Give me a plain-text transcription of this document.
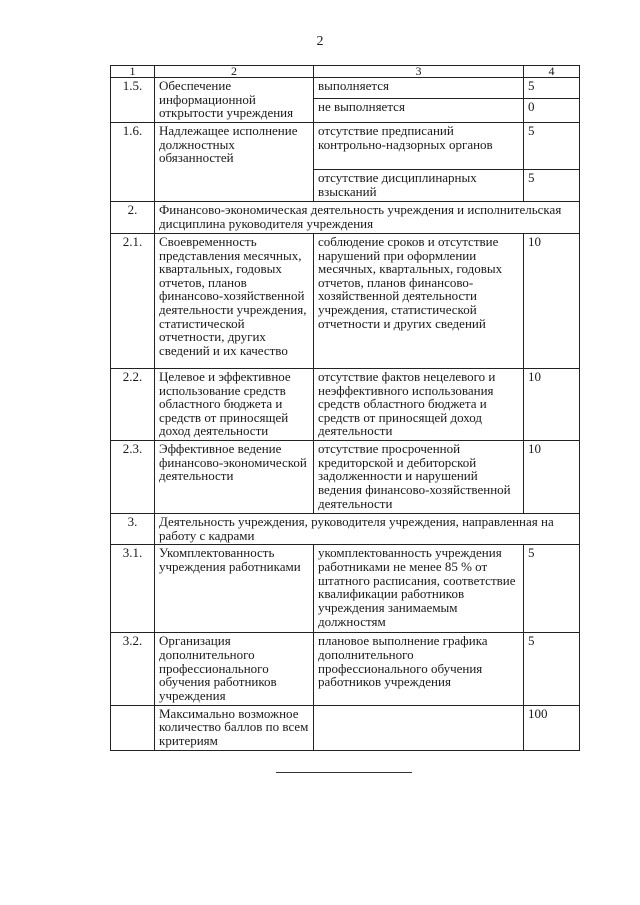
2
1	2	3	4
1.5.	Обеспечение информационной открытости учреждения	выполняется	5
		не выполняется	0
1.6.	Надлежащее исполнение должностных обязанностей	отсутствие предписаний контрольно-надзорных органов	5
		отсутствие дисциплинарных взысканий	5
2.	Финансово-экономическая деятельность учреждения и исполнительская дисциплина руководителя учреждения		
2.1.	Своевременность представления месячных, квартальных, годовых отчетов, планов финансово-хозяйственной деятельности учреждения, статистической отчетности, других сведений и их качество	соблюдение сроков и отсутствие нарушений при оформлении месячных, квартальных, годовых отчетов, планов финансово-хозяйственной деятельности учреждения, статистической отчетности и других сведений	10
2.2.	Целевое и эффективное использование средств областного бюджета и средств от приносящей доход деятельности	отсутствие фактов нецелевого и неэффективного использования средств областного бюджета и средств от приносящей доход деятельности	10
2.3.	Эффективное ведение финансово-экономической деятельности	отсутствие просроченной кредиторской и дебиторской задолженности и нарушений ведения финансово-хозяйственной деятельности	10
3.	Деятельность учреждения, руководителя учреждения, направленная на работу с кадрами		
3.1.	Укомплектованность учреждения работниками	укомплектованность учреждения работниками не менее 85 % от штатного расписания, соответствие квалификации работников учреждения занимаемым должностям	5
3.2.	Организация дополнительного профессионального обучения работников учреждения	плановое выполнение графика дополнительного профессионального обучения работников учреждения	5
	Максимально возможное количество баллов по всем критериям		100
